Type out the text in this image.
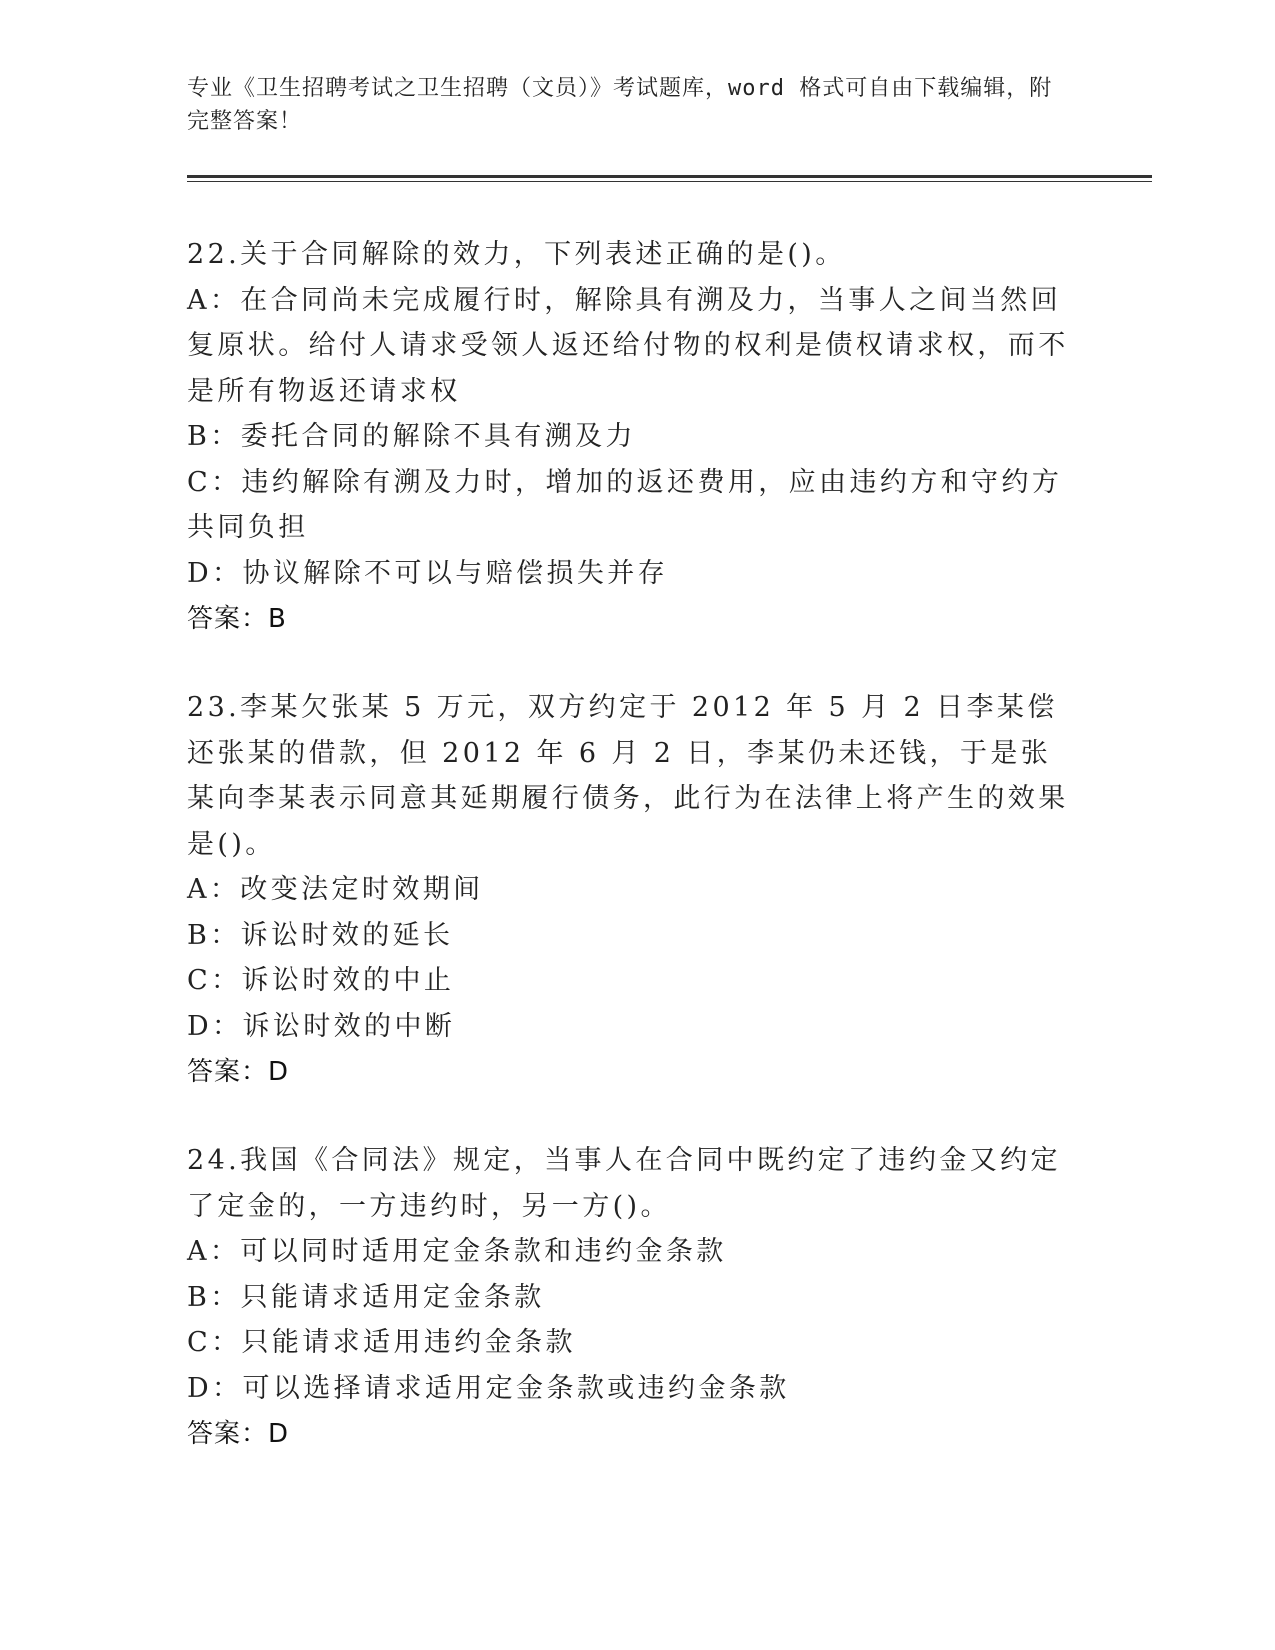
专业《卫生招聘考试之卫生招聘（文员）》考试题库，word 格式可自由下载编辑，附完整答案！
22.关于合同解除的效力，下列表述正确的是()。
A：在合同尚未完成履行时，解除具有溯及力，当事人之间当然回复原状。给付人请求受领人返还给付物的权利是债权请求权，而不是所有物返还请求权
B：委托合同的解除不具有溯及力
C：违约解除有溯及力时，增加的返还费用，应由违约方和守约方共同负担
D：协议解除不可以与赔偿损失并存
答案：B
23.李某欠张某 5 万元，双方约定于 2012 年 5 月 2 日李某偿还张某的借款，但 2012 年 6 月 2 日，李某仍未还钱，于是张某向李某表示同意其延期履行债务，此行为在法律上将产生的效果是()。
A：改变法定时效期间
B：诉讼时效的延长
C：诉讼时效的中止
D：诉讼时效的中断
答案：D
24.我国《合同法》规定，当事人在合同中既约定了违约金又约定了定金的，一方违约时，另一方()。
A：可以同时适用定金条款和违约金条款
B：只能请求适用定金条款
C：只能请求适用违约金条款
D：可以选择请求适用定金条款或违约金条款
答案：D
